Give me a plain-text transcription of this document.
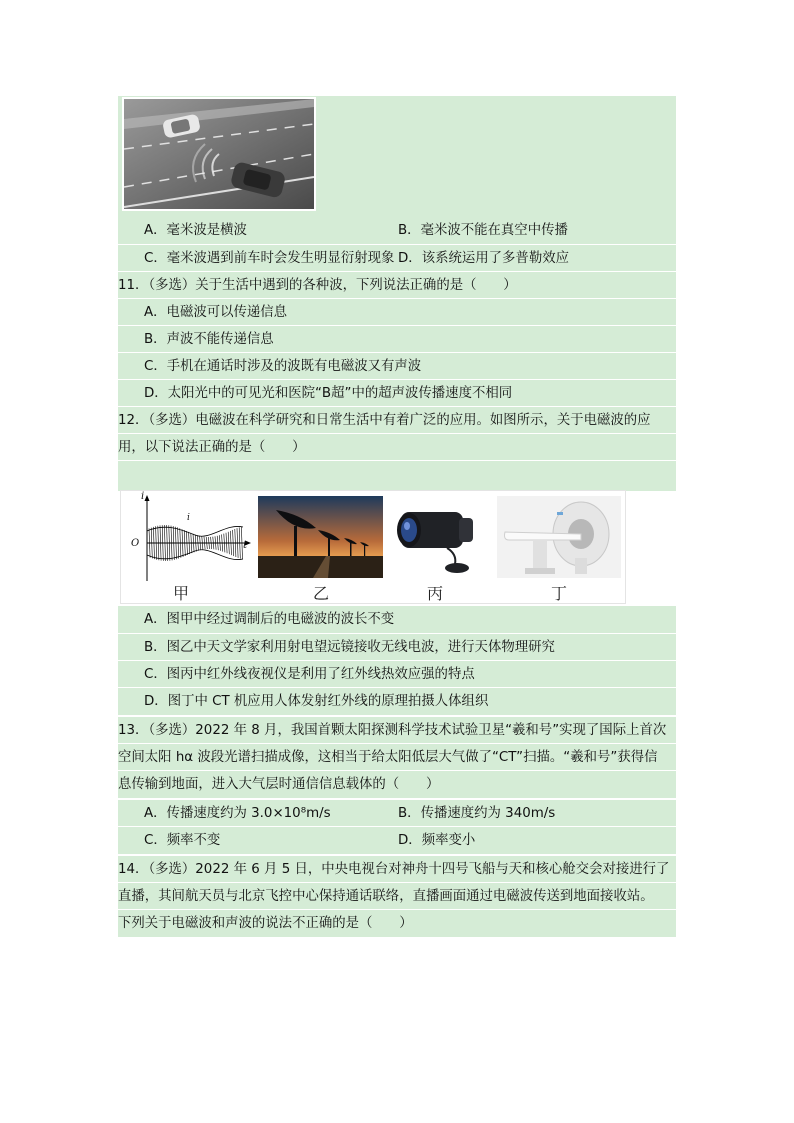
A．毫米波是横波	B．毫米波不能在真空中传播
C．毫米波遇到前车时会发生明显衍射现象 D．该系统运用了多普勒效应
11．（多选）关于生活中遇到的各种波，下列说法正确的是（　　）
A．电磁波可以传递信息
B．声波不能传递信息
C．手机在通话时涉及的波既有电磁波又有声波
D．太阳光中的可见光和医院“B超”中的超声波传播速度不相同
12．（多选）电磁波在科学研究和日常生活中有着广泛的应用。如图所示，关于电磁波的应
用，以下说法正确的是（　　）
i
t
O
i
甲	乙	丙	丁
A．图甲中经过调制后的电磁波的波长不变
B．图乙中天文学家利用射电望远镜接收无线电波，进行天体物理研究
C．图丙中红外线夜视仪是利用了红外线热效应强的特点
D．图丁中 CT 机应用人体发射红外线的原理拍摄人体组织
13．（多选）2022 年 8 月，我国首颗太阳探测科学技术试验卫星“羲和号”实现了国际上首次
空间太阳 hα 波段光谱扫描成像，这相当于给太阳低层大气做了“CT”扫描。“羲和号”获得信
息传输到地面，进入大气层时通信信息载体的（　　）
A．传播速度约为 3.0×10⁸m/s	B．传播速度约为 340m/s
C．频率不变	D．频率变小
14．（多选）2022 年 6 月 5 日，中央电视台对神舟十四号飞船与天和核心舱交会对接进行了
直播，其间航天员与北京飞控中心保持通话联络，直播画面通过电磁波传送到地面接收站。
下列关于电磁波和声波的说法不正确的是（　　）
